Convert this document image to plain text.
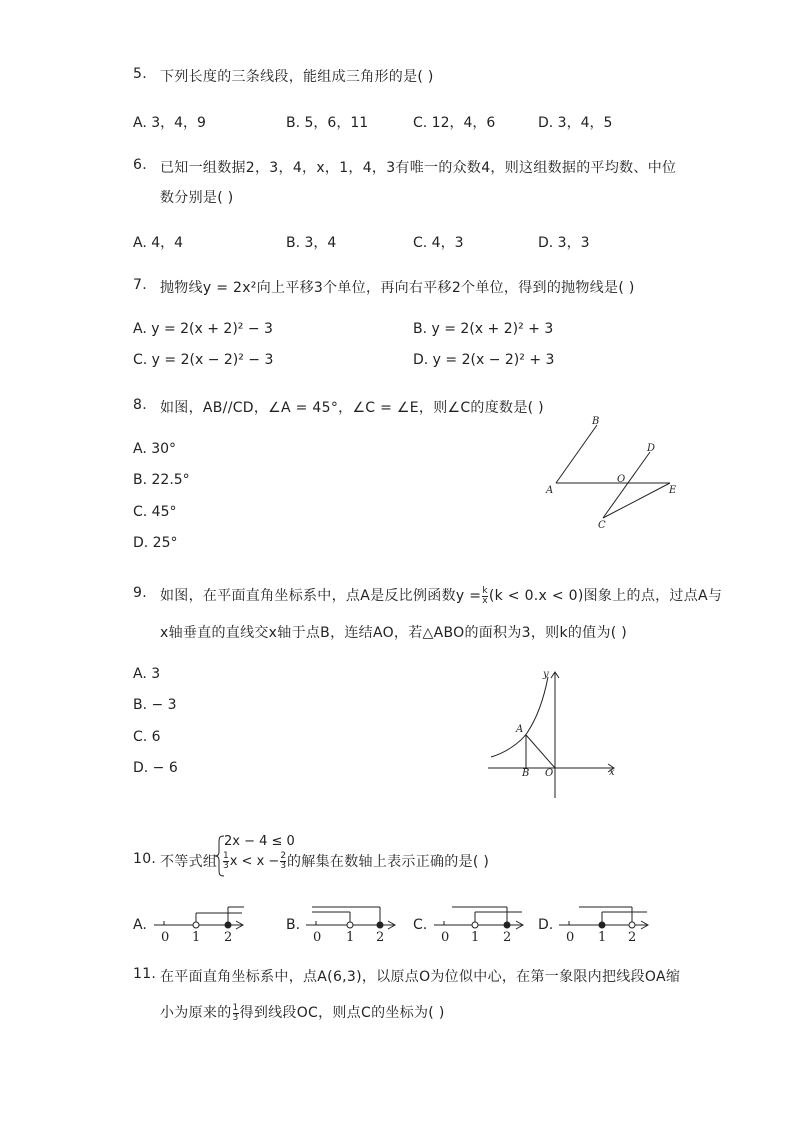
5. 下列长度的三条线段，能组成三角形的是( )
A. 3，4，9	B. 5，6，11	C. 12，4，6	D. 3，4，5
6. 已知一组数据2，3，4，x，1，4，3有唯一的众数4，则这组数据的平均数、中位
数分别是( )
A. 4，4	B. 3，4	C. 4，3	D. 3，3
7. 抛物线y = 2x²向上平移3个单位，再向右平移2个单位，得到的抛物线是( )
A. y = 2(x + 2)² − 3	B. y = 2(x + 2)² + 3
C. y = 2(x − 2)² − 3	D. y = 2(x − 2)² + 3
8. 如图，AB//CD，∠A = 45°，∠C = ∠E，则∠C的度数是( )
A. 30°
B. 22.5°
C. 45°
D. 25°
B
D
A
O
E
C
9. 如图，在平面直角坐标系中，点A是反比例函数$y = \frac{k}{x} (k < 0.x < 0)$图象上的点，过点A与
x轴垂直的直线交x轴于点B，连结AO，若△ABO的面积为3，则k的值为( )
A. 3
B. − 3
C. 6
D. − 6
y
x
A
B O
10. 不等式组
2x − 4 ≤ 0
$\frac{1}{3}$ $x < x - \frac{2}{3}$ 的解集在数轴上表示正确的是( )
A.
0 1 2
B.
0 1 2
C.
0 1 2
D.
0 1 2
11. 在平面直角坐标系中，点A(6,3)，以原点O为位似中心，在第一象限内把线段OA缩
小为原来的 $\frac{1}{3}$ 得到线段OC，则点C的坐标为( )
